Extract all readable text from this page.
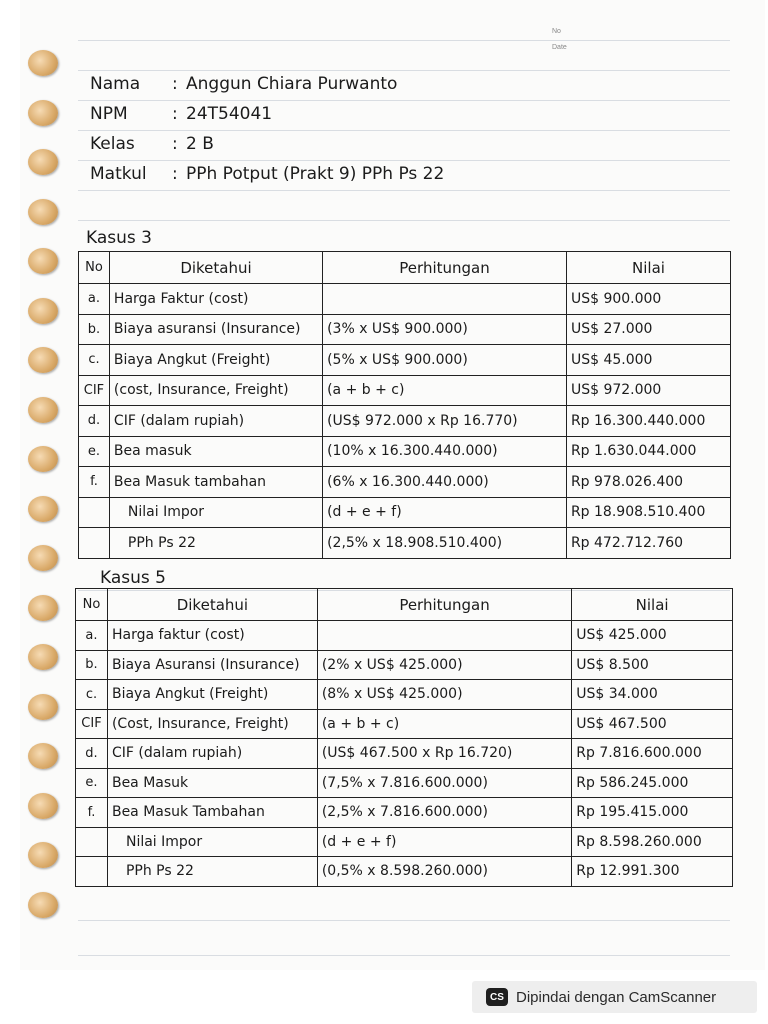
No
Date
Nama : Anggun Chiara Purwanto
NPM	: 24T54041
Kelas : 2 B
Matkul : PPh Potput (Prakt 9) PPh Ps 22
Kasus 3
No	Diketahui	Perhitungan	Nilai
a.	Harga Faktur (cost)		US$ 900.000
b.	Biaya asuransi (Insurance)	(3% x US$ 900.000)	US$ 27.000
c.	Biaya Angkut (Freight)	(5% x US$ 900.000)	US$ 45.000
CIF	(cost, Insurance, Freight)	(a + b + c)	US$ 972.000
d.	CIF (dalam rupiah)	(US$ 972.000 x Rp 16.770)	Rp 16.300.440.000
e.	Bea masuk	(10% x 16.300.440.000)	Rp 1.630.044.000
f.	Bea Masuk tambahan	(6% x 16.300.440.000)	Rp 978.026.400
	Nilai Impor	(d + e + f)	Rp 18.908.510.400
	PPh Ps 22	(2,5% x 18.908.510.400)	Rp 472.712.760
Kasus 5
No	Diketahui	Perhitungan	Nilai
a.	Harga faktur (cost)		US$ 425.000
b.	Biaya Asuransi (Insurance)	(2% x US$ 425.000)	US$ 8.500
c.	Biaya Angkut (Freight)	(8% x US$ 425.000)	US$ 34.000
CIF	(Cost, Insurance, Freight)	(a + b + c)	US$ 467.500
d.	CIF (dalam rupiah)	(US$ 467.500 x Rp 16.720)	Rp 7.816.600.000
e.	Bea Masuk	(7,5% x 7.816.600.000)	Rp 586.245.000
f.	Bea Masuk Tambahan	(2,5% x 7.816.600.000)	Rp 195.415.000
	Nilai Impor	(d + e + f)	Rp 8.598.260.000
	PPh Ps 22	(0,5% x 8.598.260.000)	Rp 12.991.300
CS Dipindai dengan CamScanner
